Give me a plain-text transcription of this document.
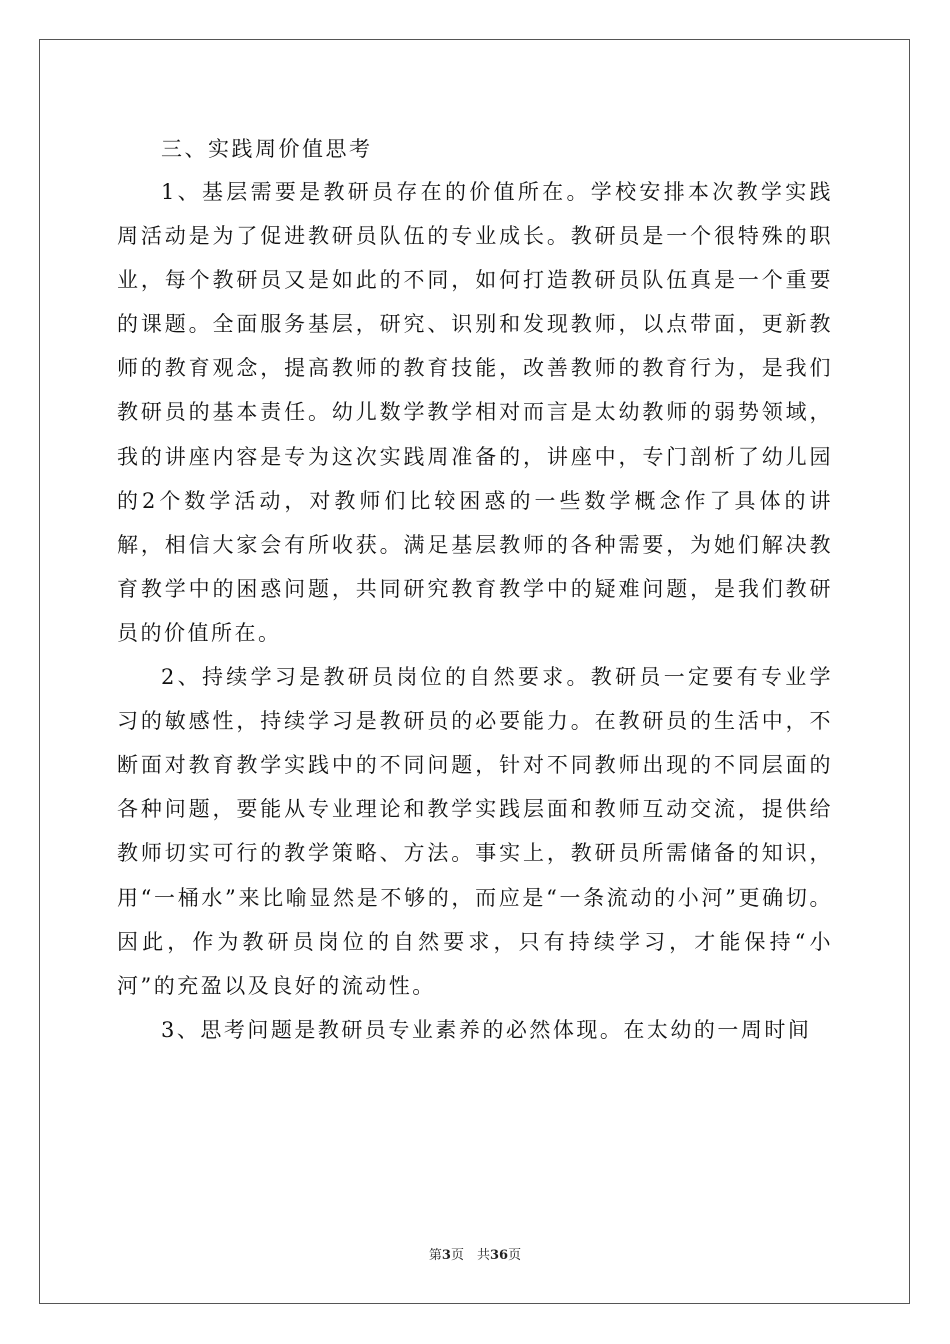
三、实践周价值思考

1、基层需要是教研员存在的价值所在。学校安排本次教学实践周活动是为了促进教研员队伍的专业成长。教研员是一个很特殊的职业，每个教研员又是如此的不同，如何打造教研员队伍真是一个重要的课题。全面服务基层，研究、识别和发现教师，以点带面，更新教师的教育观念，提高教师的教育技能，改善教师的教育行为，是我们教研员的基本责任。幼儿数学教学相对而言是太幼教师的弱势领域，我的讲座内容是专为这次实践周准备的，讲座中，专门剖析了幼儿园的2个数学活动，对教师们比较困惑的一些数学概念作了具体的讲解，相信大家会有所收获。满足基层教师的各种需要，为她们解决教育教学中的困惑问题，共同研究教育教学中的疑难问题，是我们教研员的价值所在。

2、持续学习是教研员岗位的自然要求。教研员一定要有专业学习的敏感性，持续学习是教研员的必要能力。在教研员的生活中，不断面对教育教学实践中的不同问题，针对不同教师出现的不同层面的各种问题，要能从专业理论和教学实践层面和教师互动交流，提供给教师切实可行的教学策略、方法。事实上，教研员所需储备的知识，用“一桶水”来比喻显然是不够的，而应是“一条流动的小河”更确切。因此，作为教研员岗位的自然要求，只有持续学习，才能保持“小河”的充盈以及良好的流动性。

3、思考问题是教研员专业素养的必然体现。在太幼的一周时间

第3页　共36页
